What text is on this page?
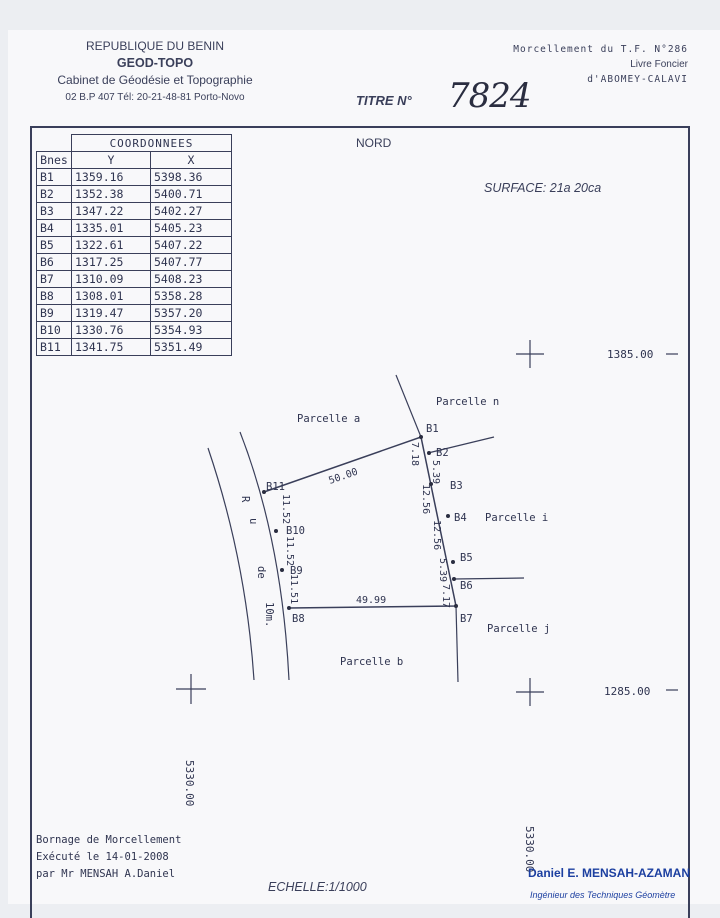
REPUBLIQUE DU BENIN
GEOD-TOPO
Cabinet de Géodésie et Topographie
02 B.P 407 Tél: 20-21-48-81 Porto-Novo
Morcellement du T.F. N°286
Livre Foncier
d'ABOMEY-CALAVI
TITRE N° 7824
NORD
SURFACE: 21a 20ca
	COORDONNEES	
Bnes	Y	X
B1	1359.16	5398.36
B2	1352.38	5400.71
B3	1347.22	5402.27
B4	1335.01	5405.23
B5	1322.61	5407.22
B6	1317.25	5407.77
B7	1310.09	5408.23
B8	1308.01	5358.28
B9	1319.47	5357.20
B10	1330.76	5354.93
B11	1341.75	5351.49
B1
B2
B3
B4
B5
B6
B7
B8
B9
B10
B11
Parcelle a
Parcelle n
Parcelle i
Parcelle j
Parcelle b
R
u
de
10m.
50.00
49.99
11.52
11.52
11.51
7.18
5.39
12.56
12.56
5.39
7.17
1385.00
1285.00
5330.00
5330.00
Bornage de Morcellement
Exécuté le 14-01-2008
par Mr MENSAH A.Daniel
ECHELLE:1/1000
Daniel E. MENSAH-AZAMAN
Ingénieur des Techniques Géomètre
